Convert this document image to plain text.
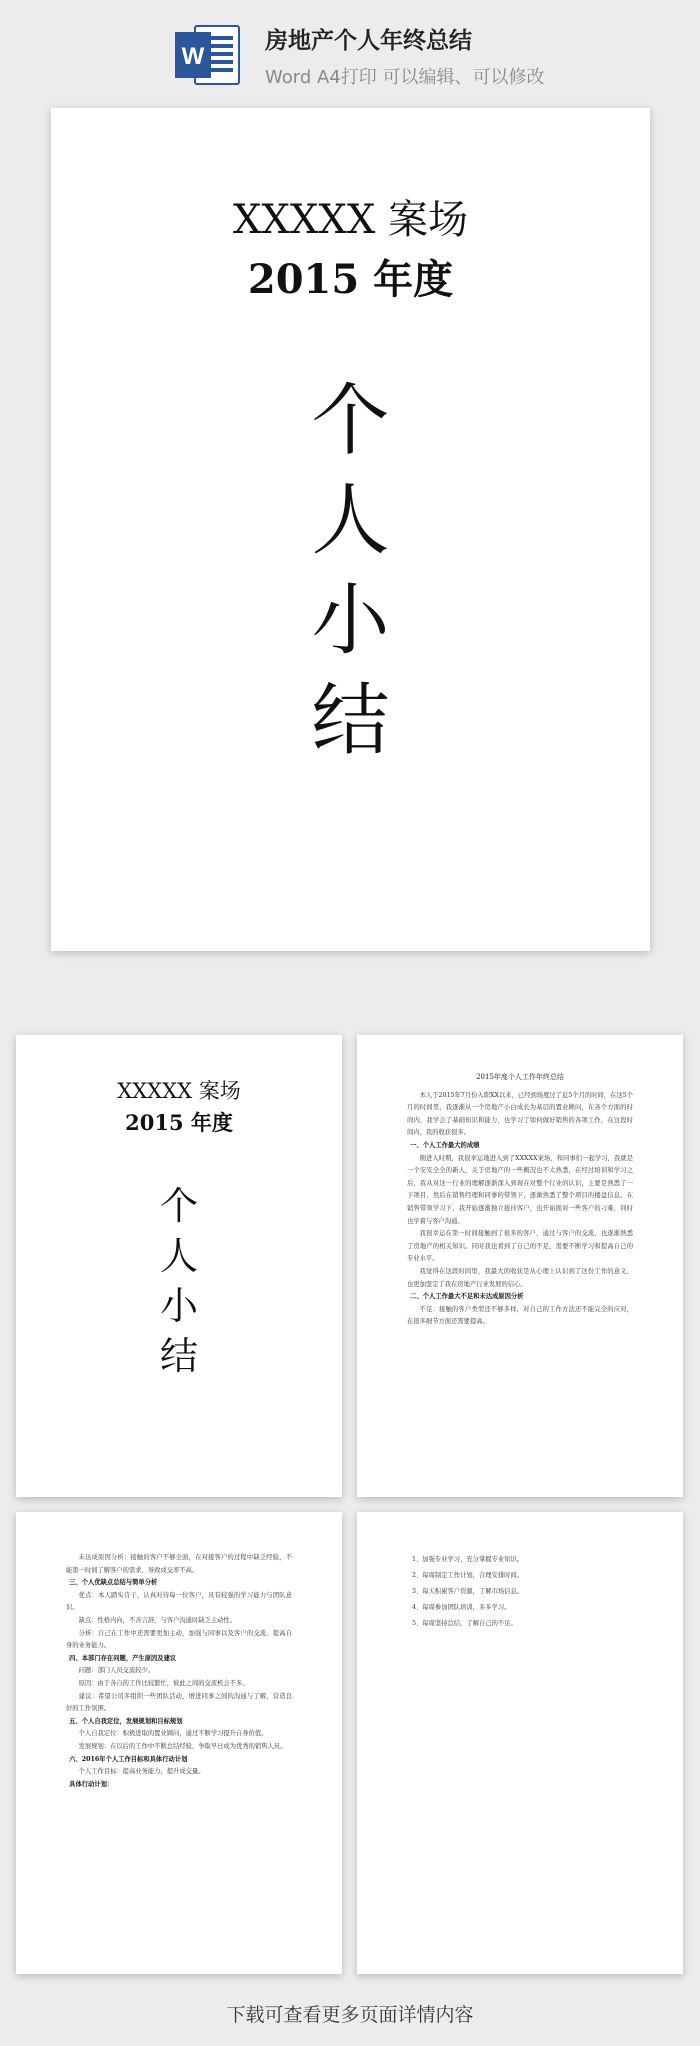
W
房地产个人年终总结
Word A4打印 可以编辑、可以修改
XXXXX 案场
2015 年度
个
人
小
结
XXXXX 案场
2015 年度
个
人
小
结

2015年度个人工作年终总结

本人于2015年7月份入职XX以来，已经到场度过了近5个月的时间，在这5个月的时间里，我逐渐从一个房地产小白成长为基层的置业顾问，在各个方面的时间内，我学会了基础知识和能力，也学习了如何做好销售的各项工作，在这段时间内，我的收获很多。

一、个人工作最大的成绩

刚进入时期，我很幸运地进入到了XXXXX案场，和同事们一起学习，我就是一个安安全全的新人，关于房地产的一些概况也不太熟悉，在经过培训和学习之后，我从对这一行业的理解逐渐深入到现在对整个行业的认识，主要是熟悉了一下项目，然后在销售经理和同事的带领下，逐渐熟悉了整个项目的楼盘信息。在销售带领学习下，我开始逐渐独立接待客户，也开始面对一些客户的刁难，同时也学着与客户沟通。

我很幸运在第一时间接触到了很多的客户，通过与客户的交流，也逐渐熟悉了房地产的相关知识。同时我也看到了自己的不足，需要不断学习和提高自己的专业水平。

我觉得在这段时间里，我最大的收获是从心理上认识到了这份工作的意义，也更加坚定了我在房地产行业发展的信心。

二、个人工作最大不足和未达成原因分析

不足：接触的客户类型还不够多样，对自己的工作方法还不能完全的应对，在很多细节方面还需要提高。

未达成原因分析：接触的客户不够全面，在对接客户的过程中缺乏经验，不能第一时间了解客户的需求，导致成交率不高。

三、个人优缺点总结与简单分析

优点：本人踏实肯干，认真对待每一位客户，具有较强的学习能力与团队意识。

缺点：性格内向，不善言辞，与客户沟通时缺乏主动性。

分析：自己在工作中还需要更加主动，加强与同事以及客户的交流，提高自身的业务能力。

四、本部门存在问题，产生原因及建议

问题：部门人员交流较少。

原因：由于各自的工作比较繁忙，彼此之间的交流机会不多。

建议：希望公司多组织一些团队活动，增进同事之间的沟通与了解，营造良好的工作氛围。

五、个人自我定位，发展规划和目标规划

个人自我定位：积极进取的置业顾问，通过不断学习提升自身价值。

发展规划：在以后的工作中不断总结经验，争取早日成为优秀的销售人员。

六、2016年个人工作目标和具体行动计划

个人工作目标：提高业务能力，提升成交量。

具体行动计划：

1、加强专业学习，充分掌握专业知识。

2、每周制定工作计划，合理安排时间。

3、每天积累客户资源，了解市场信息。

4、每周参加团队培训，多多学习。

5、每周坚持总结，了解自己的不足。

下载可查看更多页面详情内容
